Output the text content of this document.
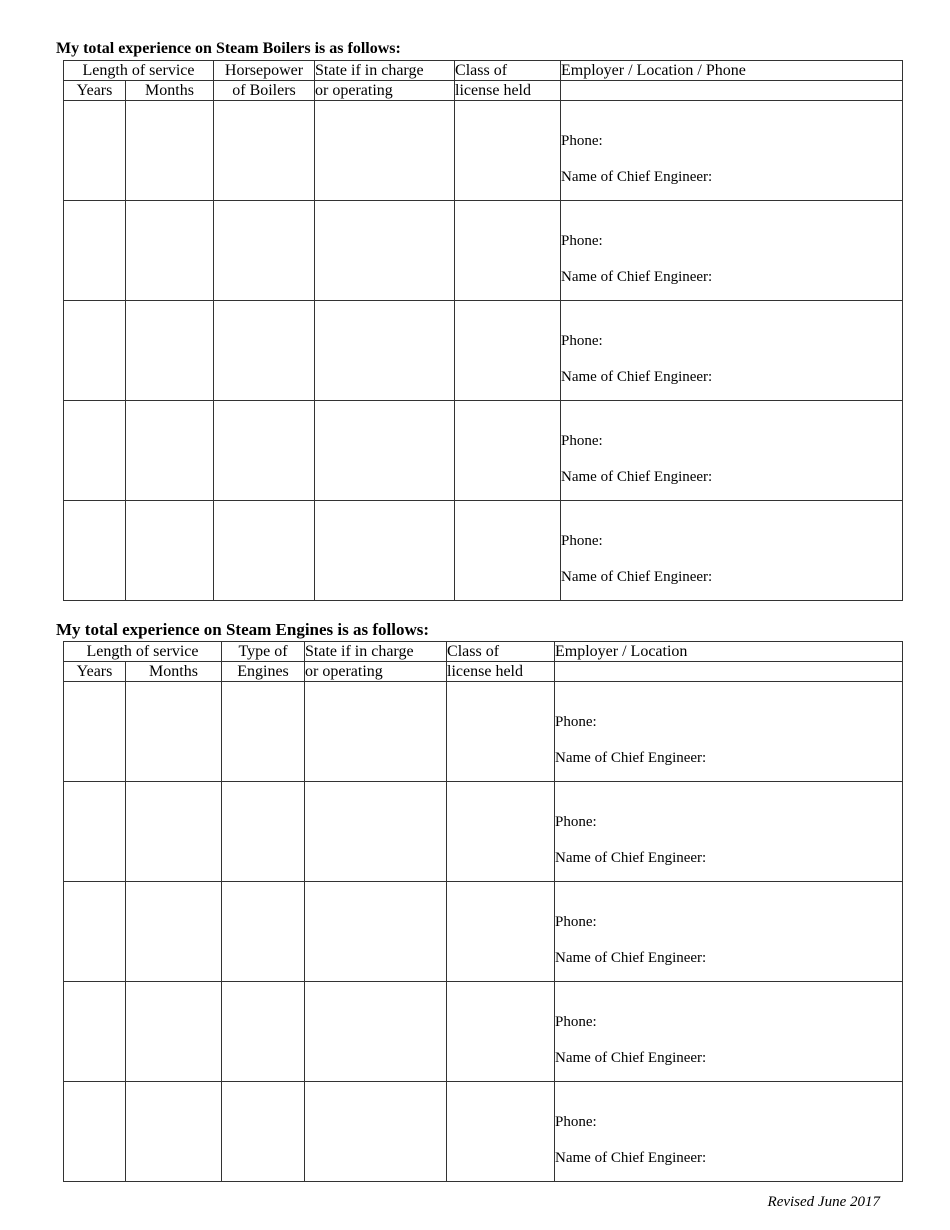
My total experience on Steam Boilers is as follows:
Length of service		Horsepower	State if in charge	Class of	Employer / Location / Phone
Years	Months	of Boilers	or operating	license held	

					Phone:
Name of Chief Engineer:

					Phone:
Name of Chief Engineer:

					Phone:
Name of Chief Engineer:

					Phone:
Name of Chief Engineer:

					Phone:
Name of Chief Engineer:
My total experience on Steam Engines is as follows:
Length of service		Type of	State if in charge	Class of	Employer / Location
Years	Months	Engines	or operating	license held	

					Phone:
Name of Chief Engineer:

					Phone:
Name of Chief Engineer:

					Phone:
Name of Chief Engineer:

					Phone:
Name of Chief Engineer:

					Phone:
Name of Chief Engineer:
Revised June 2017
